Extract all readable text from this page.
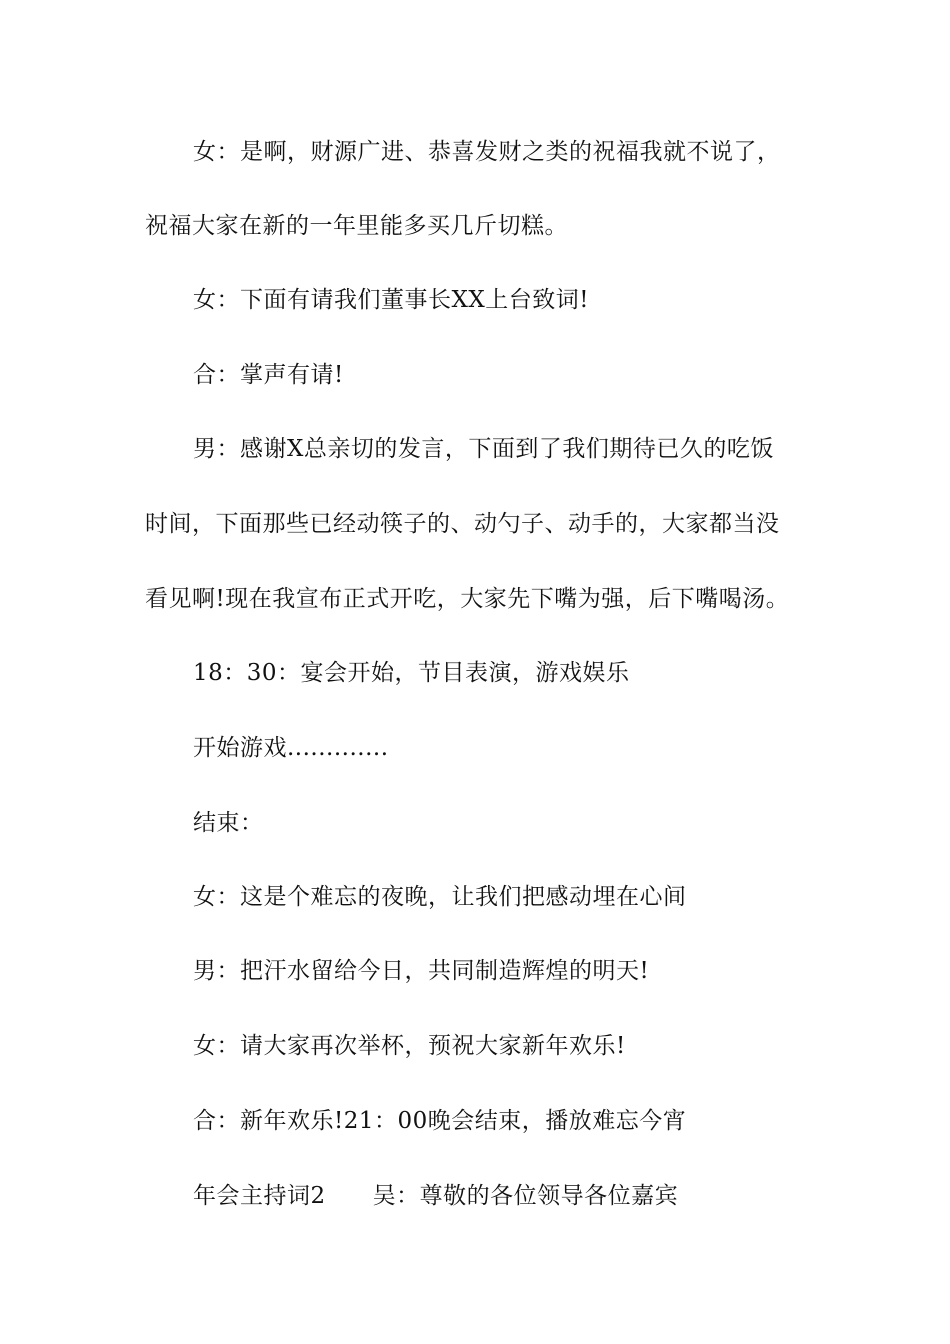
女：是啊，财源广进、恭喜发财之类的祝福我就不说了，
祝福大家在新的一年里能多买几斤切糕。
女：下面有请我们董事长XX上台致词!
合：掌声有请!
男：感谢X总亲切的发言，下面到了我们期待已久的吃饭
时间，下面那些已经动筷子的、动勺子、动手的，大家都当没
看见啊!现在我宣布正式开吃，大家先下嘴为强，后下嘴喝汤。
18：30：宴会开始，节目表演，游戏娱乐
开始游戏.............
结束：
女：这是个难忘的夜晚，让我们把感动埋在心间
男：把汗水留给今日，共同制造辉煌的明天!
女：请大家再次举杯，预祝大家新年欢乐!
合：新年欢乐!21：00晚会结束，播放难忘今宵
年会主持词2　　吴：尊敬的各位领导各位嘉宾
